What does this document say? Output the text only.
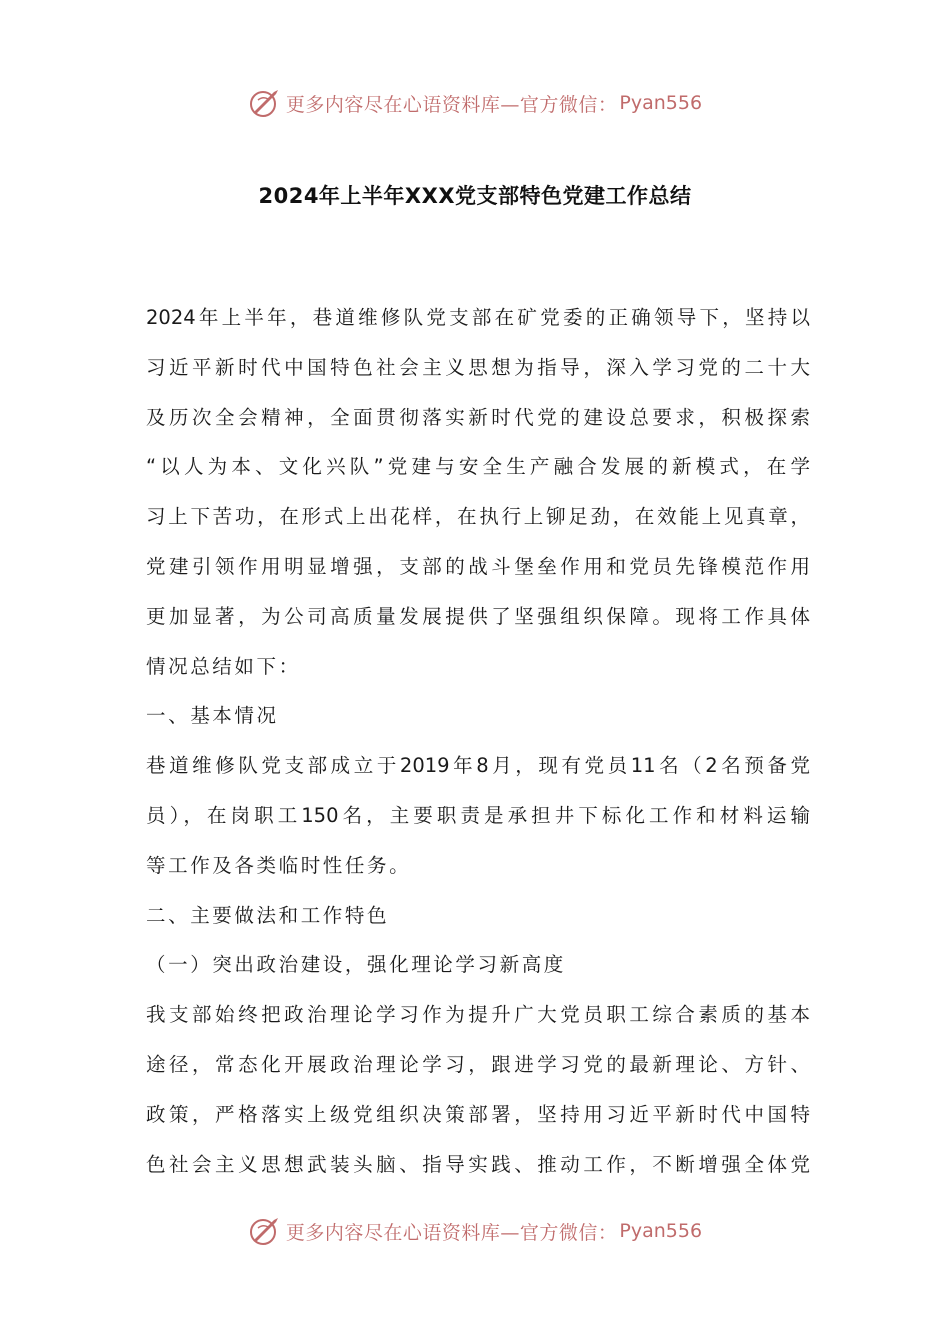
更多内容尽在心语资料库—官方微信： Pyan556
2024年上半年XXX党支部特色党建工作总结
2024年上半年，巷道维修队党支部在矿党委的正确领导下，坚持以
习近平新时代中国特色社会主义思想为指导，深入学习党的二十大
及历次全会精神，全面贯彻落实新时代党的建设总要求，积极探索
“以人为本、文化兴队”党建与安全生产融合发展的新模式，在学
习上下苦功，在形式上出花样，在执行上铆足劲，在效能上见真章，
党建引领作用明显增强，支部的战斗堡垒作用和党员先锋模范作用
更加显著，为公司高质量发展提供了坚强组织保障。现将工作具体
情况总结如下：
一、基本情况
巷道维修队党支部成立于2019年8月，现有党员11名（2名预备党
员），在岗职工150名，主要职责是承担井下标化工作和材料运输
等工作及各类临时性任务。
二、主要做法和工作特色
（一）突出政治建设，强化理论学习新高度
我支部始终把政治理论学习作为提升广大党员职工综合素质的基本
途径，常态化开展政治理论学习，跟进学习党的最新理论、方针、
政策，严格落实上级党组织决策部署，坚持用习近平新时代中国特
色社会主义思想武装头脑、指导实践、推动工作，不断增强全体党
更多内容尽在心语资料库—官方微信： Pyan556
